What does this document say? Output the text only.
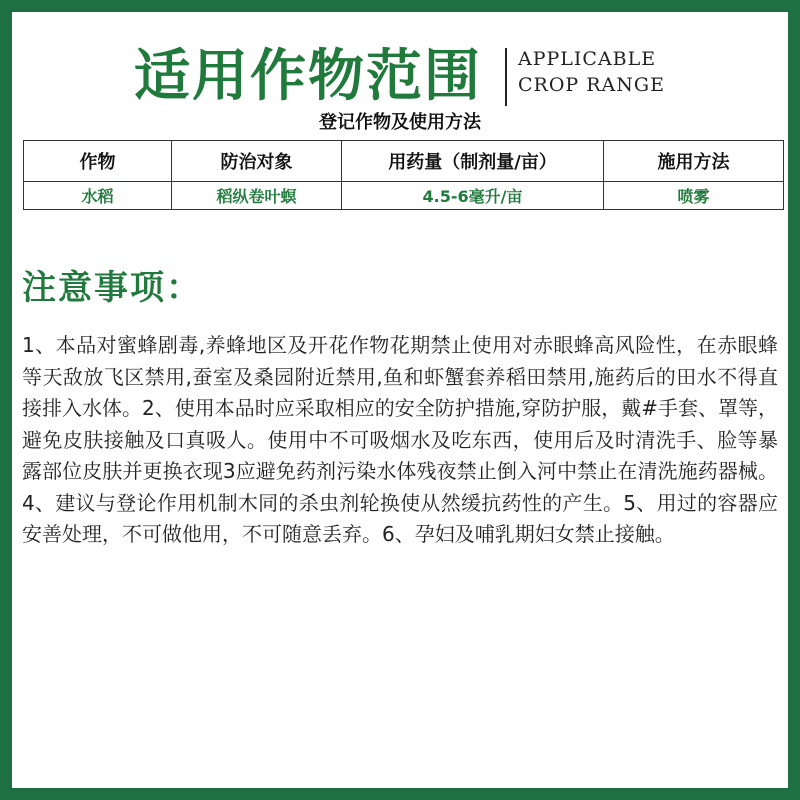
适用作物范围 APPLICABLE
CROP RANGE
登记作物及使用方法
作物	防治对象	用药量（制剂量/亩）	施用方法
水稻	稻纵卷叶螟	4.5-6毫升/亩	喷雾
注意事项：
1、本品对蜜蜂剧毒,养蜂地区及开花作物花期禁止使用对赤眼蜂高风险性，在赤眼蜂等天敌放飞区禁用,蚕室及桑园附近禁用,鱼和虾蟹套养稻田禁用,施药后的田水不得直接排入水体。2、使用本品时应采取相应的安全防护措施,穿防护服，戴#手套、罩等，避免皮肤接触及口真吸人。使用中不可吸烟水及吃东西，使用后及时清洗手、脸等暴露部位皮肤并更换衣现3应避免药剂污染水体残夜禁止倒入河中禁止在清洗施药器械。4、建议与登论作用机制木同的杀虫剂轮换使从然缓抗药性的产生。5、用过的容器应安善处理，不可做他用，不可随意丢弃。6、孕妇及哺乳期妇女禁止接触。
